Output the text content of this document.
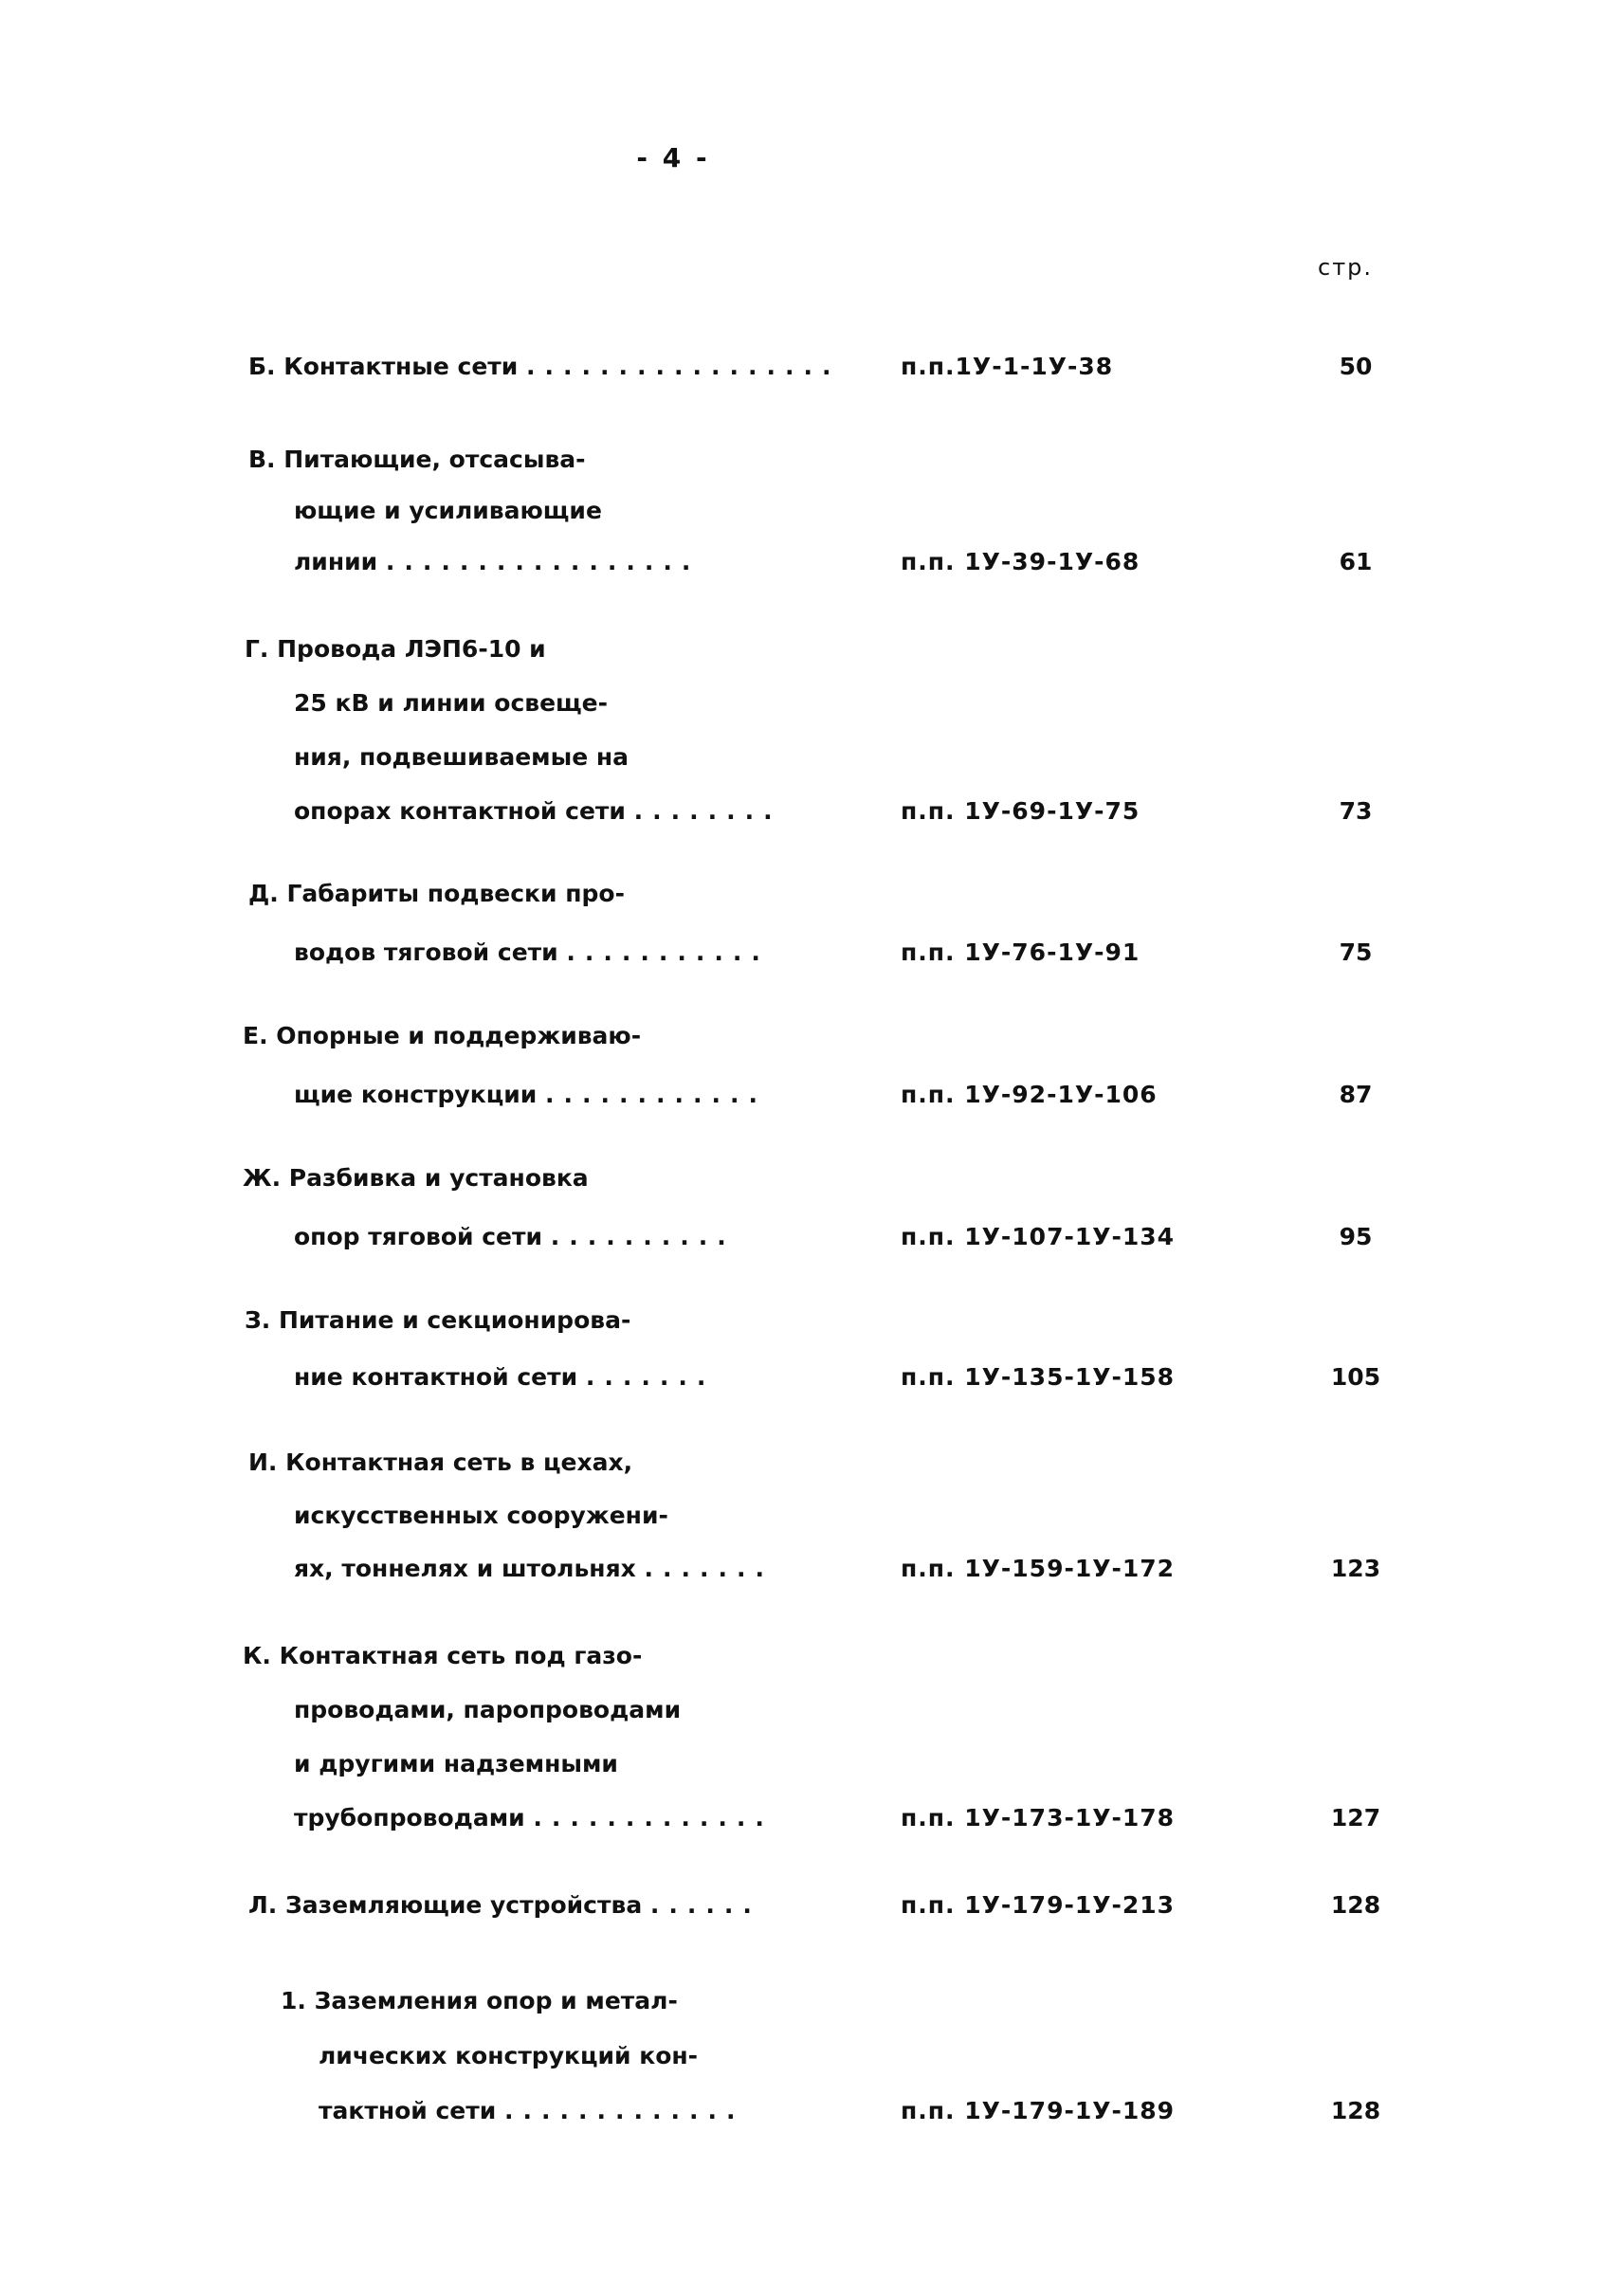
- 4 -
стр.
Б. Контактные сети .................	п.п.1У-1-1У-38	50
В. Питающие, отсасыва-
ющие и усиливающие
линии .................	п.п. 1У-39-1У-68	61
Г. Провода ЛЭП6-10 и
25 кВ и линии освеще-
ния, подвешиваемые на
опорах контактной сети ........	п.п. 1У-69-1У-75	73
Д. Габариты подвески про-
водов тяговой сети ...........	п.п. 1У-76-1У-91	75
Е. Опорные и поддерживаю-
щие конструкции ............	п.п. 1У-92-1У-106	87
Ж. Разбивка и установка
опор тяговой сети ..........	п.п. 1У-107-1У-134	95
З. Питание и секционирова-
ние контактной сети .......	п.п. 1У-135-1У-158	105
И. Контактная сеть в цехах,
искусственных сооружени-
ях, тоннелях и штольнях .......	п.п. 1У-159-1У-172	123
К. Контактная сеть под газо-
проводами, паропроводами
и другими надземными
трубопроводами .............	п.п. 1У-173-1У-178	127
Л. Заземляющие устройства ......	п.п. 1У-179-1У-213	128
1. Заземления опор и метал-
лических конструкций кон-
тактной сети .............	п.п. 1У-179-1У-189	128
